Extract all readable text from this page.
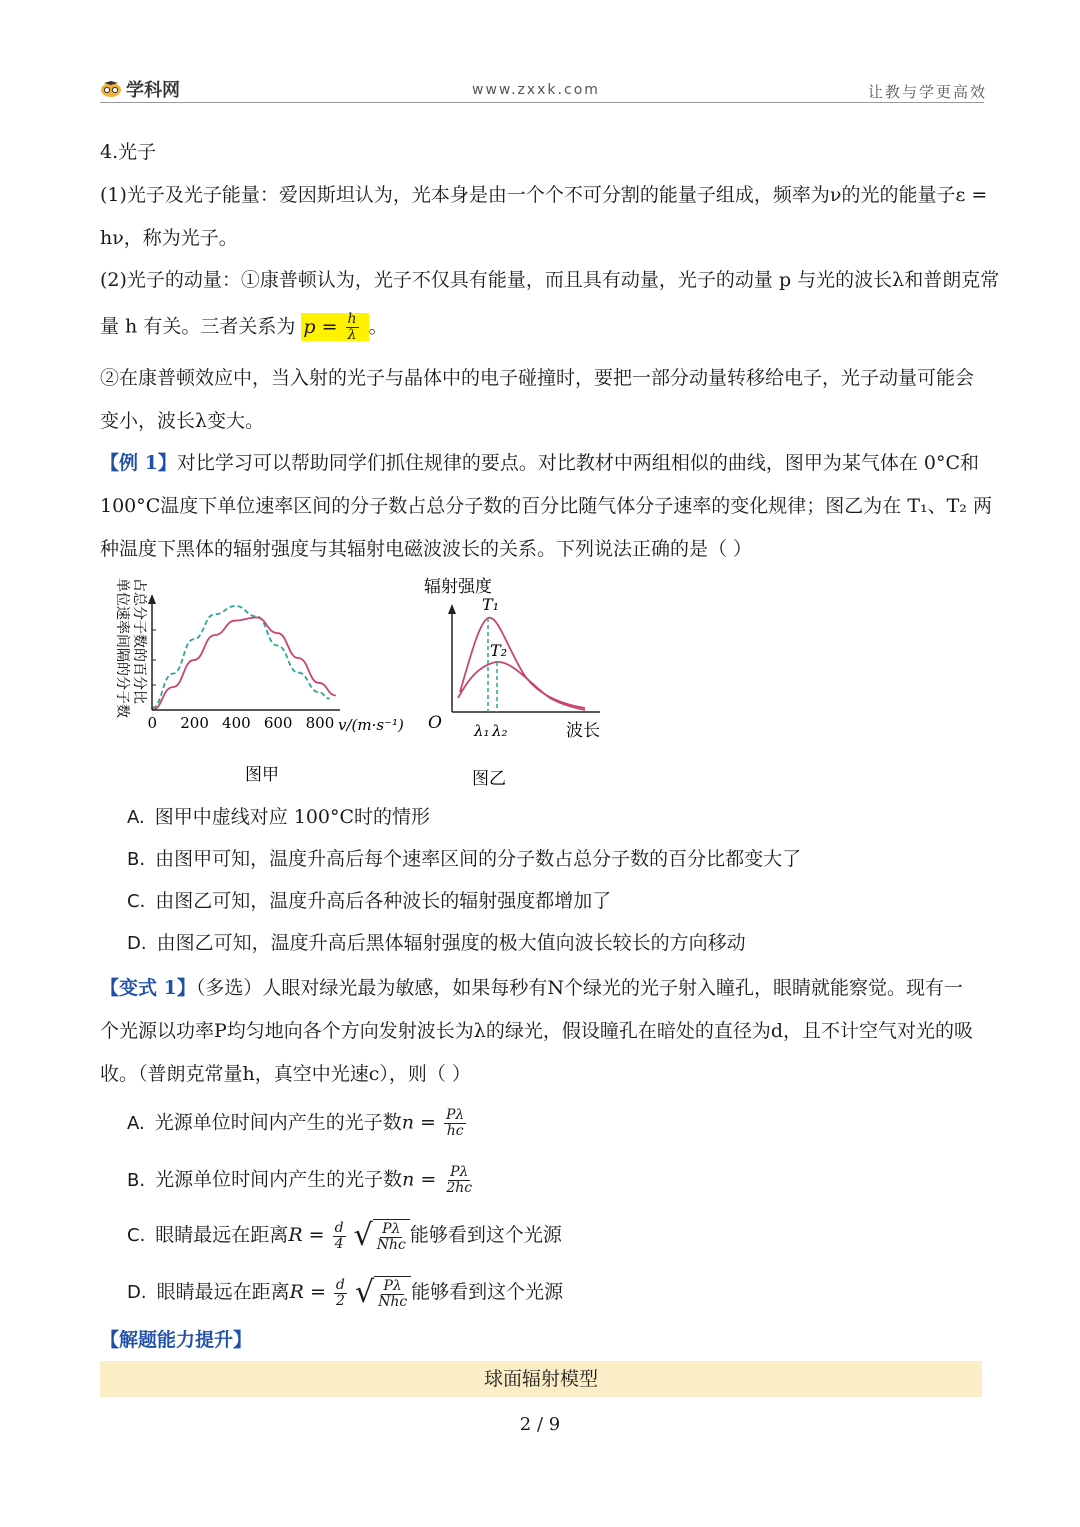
学科网	www.zxxk.com	让教与学更高效
4.光子
(1)光子及光子能量：爱因斯坦认为，光本身是由一个个不可分割的能量子组成，频率为ν的光的能量子ε =
hν，称为光子。
(2)光子的动量：①康普顿认为，光子不仅具有能量，而且具有动量，光子的动量 p 与光的波长λ和普朗克常
量 h 有关。三者关系为 $p = \frac{h}{\lambda}$ 。
②在康普顿效应中，当入射的光子与晶体中的电子碰撞时，要把一部分动量转移给电子，光子动量可能会
变小，波长λ变大。
【例 1】对比学习可以帮助同学们抓住规律的要点。对比教材中两组相似的曲线，图甲为某气体在 0°C和
100°C温度下单位速率区间的分子数占总分子数的百分比随气体分子速率的变化规律；图乙为在 T₁、T₂ 两
种温度下黑体的辐射强度与其辐射电磁波波长的关系。下列说法正确的是（ ）
0 200 400 600 800 v/(m·s⁻¹)
单位速率间隔的分子数 占总分子数的百分比
图甲
辐射强度
T₁
T₂
O λ₁ λ₂	波长
图乙
A. 图甲中虚线对应 100°C时的情形
B. 由图甲可知，温度升高后每个速率区间的分子数占总分子数的百分比都变大了
C. 由图乙可知，温度升高后各种波长的辐射强度都增加了
D. 由图乙可知，温度升高后黑体辐射强度的极大值向波长较长的方向移动
【变式 1】（多选）人眼对绿光最为敏感，如果每秒有N个绿光的光子射入瞳孔，眼睛就能察觉。现有一
个光源以功率P均匀地向各个方向发射波长为λ的绿光，假设瞳孔在暗处的直径为d，且不计空气对光的吸
收。（普朗克常量h，真空中光速c），则（ ）
A. 光源单位时间内产生的光子数$n = \frac{P\lambda}{hc}$
B. 光源单位时间内产生的光子数$n = \frac{P\lambda}{2hc}$
C. 眼睛最远在距离$R = \frac{d}{4}$
√ $\frac{P\lambda}{\text{Nhc}}$ 能够看到这个光源
D. 眼睛最远在距离$R = \frac{d}{2}$
√ $\frac{P\lambda}{\text{Nhc}}$ 能够看到这个光源
【解题能力提升】
球面辐射模型
2 / 9
